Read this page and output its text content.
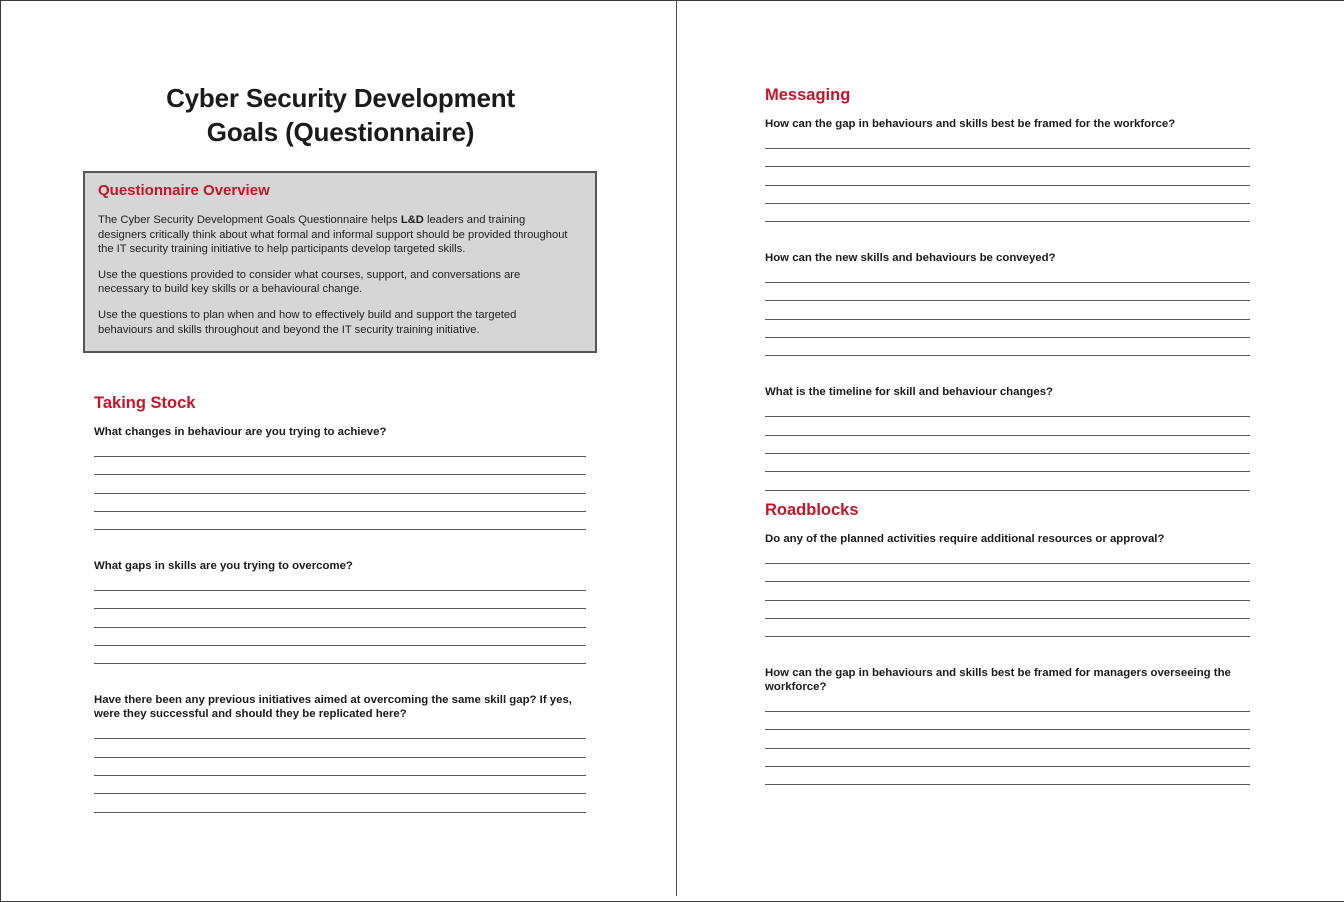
Cyber Security Development
Goals (Questionnaire)
Questionnaire Overview

The Cyber Security Development Goals Questionnaire helps L&D leaders and training designers critically think about what formal and informal support should be provided throughout the IT security training initiative to help participants develop targeted skills.

Use the questions provided to consider what courses, support, and conversations are necessary to build key skills or a behavioural change.

Use the questions to plan when and how to effectively build and support the targeted behaviours and skills throughout and beyond the IT security training initiative.

Taking Stock

What changes in behaviour are you trying to achieve?

What gaps in skills are you trying to overcome?

Have there been any previous initiatives aimed at overcoming the same skill gap? If yes, were they successful and should they be replicated here?

Messaging

How can the gap in behaviours and skills best be framed for the workforce?

How can the new skills and behaviours be conveyed?

What is the timeline for skill and behaviour changes?

Roadblocks

Do any of the planned activities require additional resources or approval?

How can the gap in behaviours and skills best be framed for managers overseeing the workforce?
